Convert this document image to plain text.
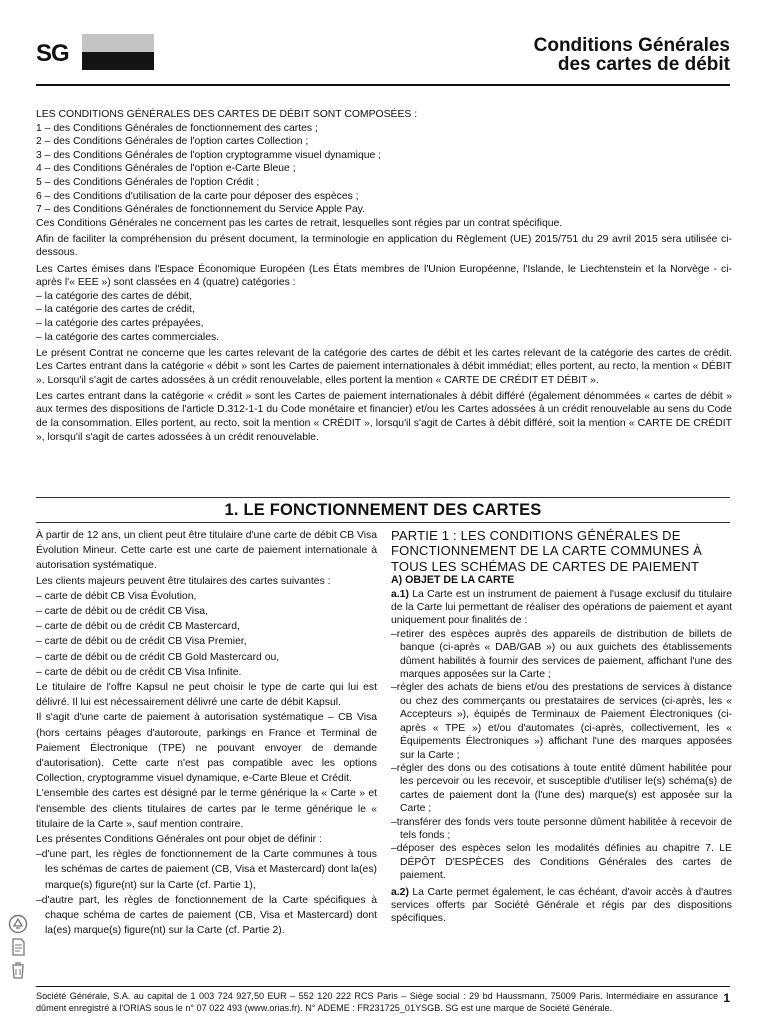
SG	Conditions Générales
des cartes de débit

LES CONDITIONS GÉNÉRALES DES CARTES DE DÉBIT SONT COMPOSÉES :

1 – des Conditions Générales de fonctionnement des cartes ;

2 – des Conditions Générales de l'option cartes Collection ;

3 – des Conditions Générales de l'option cryptogramme visuel dynamique ;

4 – des Conditions Générales de l'option e-Carte Bleue ;

5 – des Conditions Générales de l'option Crédit ;

6 – des Conditions d'utilisation de la carte pour déposer des espèces ;

7 – des Conditions Générales de fonctionnement du Service Apple Pay.

Ces Conditions Générales ne concernent pas les cartes de retrait, lesquelles sont régies par un contrat spécifique.

Afin de faciliter la compréhension du présent document, la terminologie en application du Règlement (UE) 2015/751 du 29 avril 2015 sera utilisée ci-dessous.

Les Cartes émises dans l'Espace Économique Européen (Les États membres de l'Union Européenne, l'Islande, le Liechtenstein et la Norvège - ci-après l'« EEE ») sont classées en 4 (quatre) catégories :

– la catégorie des cartes de débit,

– la catégorie des cartes de crédit,

– la catégorie des cartes prépayées,

– la catégorie des cartes commerciales.

Le présent Contrat ne concerne que les cartes relevant de la catégorie des cartes de débit et les cartes relevant de la catégorie des cartes de crédit. Les Cartes entrant dans la catégorie « débit » sont les Cartes de paiement internationales à débit immédiat; elles portent, au recto, la mention « DÉBIT ». Lorsqu'il s'agit de cartes adossées à un crédit renouvelable, elles portent la mention « CARTE DE CRÉDIT ET DÉBIT ».

Les cartes entrant dans la catégorie « crédit » sont les Cartes de paiement internationales à débit différé (également dénommées « cartes de débit » aux termes des dispositions de l'article D.312-1-1 du Code monétaire et financier) et/ou les Cartes adossées à un crédit renouvelable au sens du Code de la consommation. Elles portent, au recto, soit la mention « CRÉDIT », lorsqu'il s'agit de Cartes à débit différé, soit la mention « CARTE DE CRÉDIT », lorsqu'il s'agit de cartes adossées à un crédit renouvelable.

1. LE FONCTIONNEMENT DES CARTES

À partir de 12 ans, un client peut être titulaire d'une carte de débit CB Visa Évolution Mineur. Cette carte est une carte de paiement internationale à autorisation systématique.

Les clients majeurs peuvent être titulaires des cartes suivantes :

– carte de débit CB Visa Évolution,

– carte de débit ou de crédit CB Visa,

– carte de débit ou de crédit CB Mastercard,

– carte de débit ou de crédit CB Visa Premier,

– carte de débit ou de crédit CB Gold Mastercard ou,

– carte de débit ou de crédit CB Visa Infinite.

Le titulaire de l'offre Kapsul ne peut choisir le type de carte qui lui est délivré. Il lui est nécessairement délivré une carte de débit Kapsul.

Il s'agit d'une carte de paiement à autorisation systématique – CB Visa (hors certains péages d'autoroute, parkings en France et Terminal de Paiement Électronique (TPE) ne pouvant envoyer de demande d'autorisation). Cette carte n'est pas compatible avec les options Collection, cryptogramme visuel dynamique, e-Carte Bleue et Crédit.

L'ensemble des cartes est désigné par le terme générique la « Carte » et l'ensemble des clients titulaires de cartes par le terme générique le « titulaire de la Carte », sauf mention contraire.

Les présentes Conditions Générales ont pour objet de définir :

–d'une part, les règles de fonctionnement de la Carte communes à tous les schémas de cartes de paiement (CB, Visa et Mastercard) dont la(es) marque(s) figure(nt) sur la Carte (cf. Partie 1),

–d'autre part, les règles de fonctionnement de la Carte spécifiques à chaque schéma de cartes de paiement (CB, Visa et Mastercard) dont la(es) marque(s) figure(nt) sur la Carte (cf. Partie 2).

PARTIE 1 : LES CONDITIONS GÉNÉRALES DE FONCTIONNEMENT DE LA CARTE COMMUNES À TOUS LES SCHÉMAS DE CARTES DE PAIEMENT

A) OBJET DE LA CARTE

a.1) La Carte est un instrument de paiement à l'usage exclusif du titulaire de la Carte lui permettant de réaliser des opérations de paiement et ayant uniquement pour finalités de :

–retirer des espèces auprès des appareils de distribution de billets de banque (ci-après « DAB/GAB ») ou aux guichets des établissements dûment habilités à fournir des services de paiement, affichant l'une des marques apposées sur la Carte ;

–régler des achats de biens et/ou des prestations de services à distance ou chez des commerçants ou prestataires de services (ci-après, les « Accepteurs »), équipés de Terminaux de Paiement Électroniques (ci-après « TPE ») et/ou d'automates (ci-après, collectivement, les « Équipements Électroniques ») affichant l'une des marques apposées sur la Carte ;

–régler des dons ou des cotisations à toute entité dûment habilitée pour les percevoir ou les recevoir, et susceptible d'utiliser le(s) schéma(s) de cartes de paiement dont la (l'une des) marque(s) est apposée sur la Carte ;

–transférer des fonds vers toute personne dûment habilitée à recevoir de tels fonds ;

–déposer des espèces selon les modalités définies au chapitre 7. LE DÉPÔT D'ESPÈCES des Conditions Générales des cartes de paiement.

a.2) La Carte permet également, le cas échéant, d'avoir accès à d'autres services offerts par Société Générale et régis par des dispositions spécifiques.

Société Générale, S.A. au capital de 1 003 724 927,50 EUR – 552 120 222 RCS Paris – Siège social : 29 bd Haussmann, 75009 Paris. Intermédiaire en assurance dûment enregistré à l'ORIAS sous le n° 07 022 493 (www.orias.fr). N° ADEME : FR231725_01YSGB. SG est une marque de Société Générale.
1
